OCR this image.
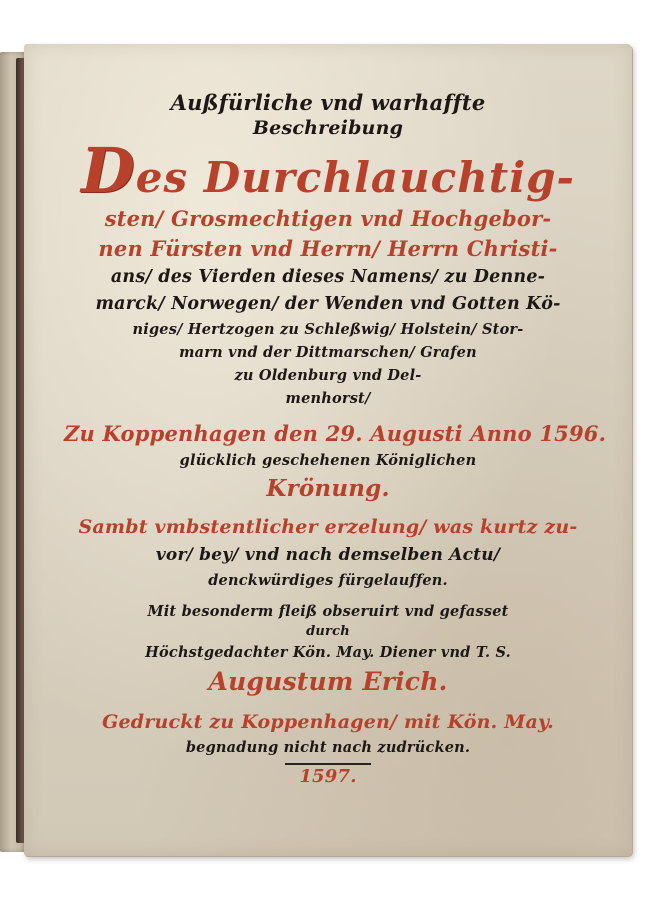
Außfürliche vnd warhaffte
Beschreibung
Des Durchlauchtig-
sten/ Grosmechtigen vnd Hochgebor-
nen Fürsten vnd Herrn/ Herrn Christi-
ans/ des Vierden dieses Namens/ zu Denne-
marck/ Norwegen/ der Wenden vnd Gotten Kö-
niges/ Hertzogen zu Schleßwig/ Holstein/ Stor-
marn vnd der Dittmarschen/ Grafen
zu Oldenburg vnd Del-
menhorst/
Zu Koppenhagen den 29. Augusti Anno 1596.
glücklich geschehenen Königlichen
Krönung.
Sambt vmbstentlicher erzelung/ was kurtz zu-
vor/ bey/ vnd nach demselben Actu/
denckwürdiges fürgelauffen.
Mit besonderm fleiß obseruirt vnd gefasset
durch
Höchstgedachter Kön. May. Diener vnd T. S.
Augustum Erich.
Gedruckt zu Koppenhagen/ mit Kön. May.
begnadung nicht nach zudrücken.
1597.
